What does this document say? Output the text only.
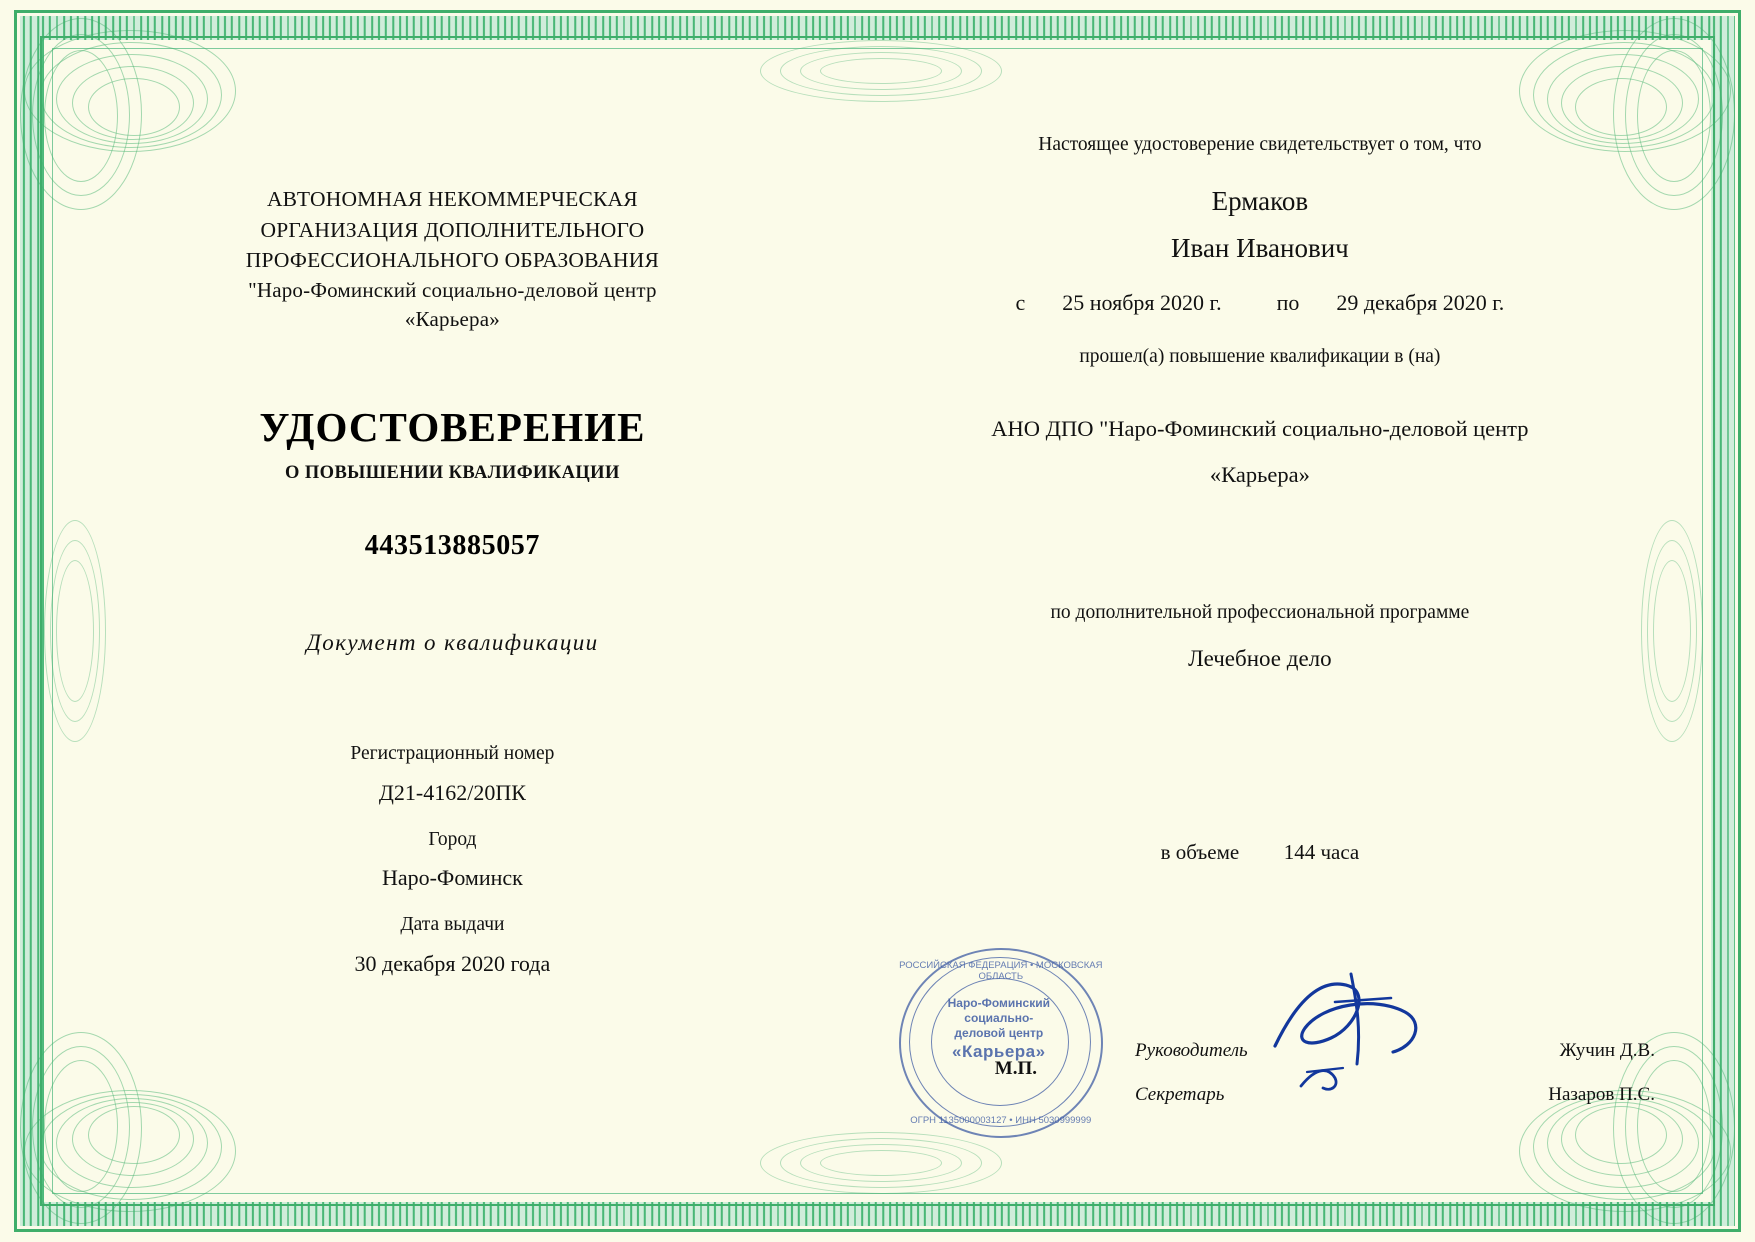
АВТОНОМНАЯ НЕКОММЕРЧЕСКАЯ
ОРГАНИЗАЦИЯ ДОПОЛНИТЕЛЬНОГО
ПРОФЕССИОНАЛЬНОГО ОБРАЗОВАНИЯ
"Наро-Фоминский социально-деловой центр
«Карьера»
УДОСТОВЕРЕНИЕ
О ПОВЫШЕНИИ КВАЛИФИКАЦИИ
443513885057
Документ о квалификации
Регистрационный номер
Д21-4162/20ПК
Город
Наро-Фоминск
Дата выдачи
30 декабря 2020 года
Настоящее удостоверение свидетельствует о том, что
Ермаков
Иван Иванович
с 25 ноября 2020 г.	по 29 декабря 2020 г.
прошел(а) повышение квалификации в (на)
АНО ДПО "Наро-Фоминский социально-деловой центр
«Карьера»
по дополнительной профессиональной программе
Лечебное дело
в объеме 144 часа
РОССИЙСКАЯ ФЕДЕРАЦИЯ • МОСКОВСКАЯ ОБЛАСТЬ
Наро-Фоминский
социально-
деловой центр
«Карьера»
ОГРН 1135000003127 • ИНН 5030999999
М.П.
Руководитель	Жучин Д.В.
Секретарь	Назаров П.С.
